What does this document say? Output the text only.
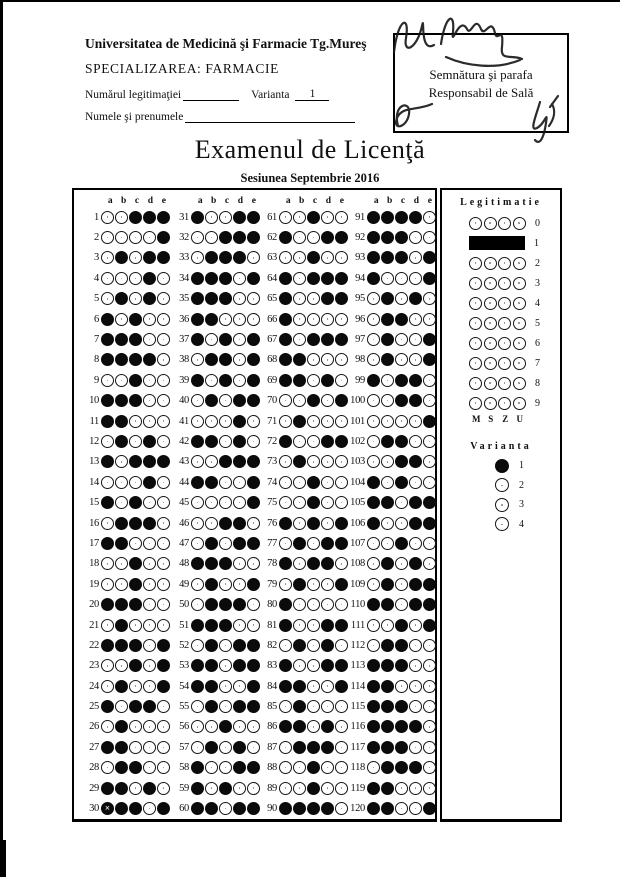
Universitatea de Medicină şi Farmacie Tg.Mureş
SPECIALIZAREA: FARMACIE
Numărul legitimaţiei	Varianta 1
Numele şi prenumele
Semnătura şi parafa
Responsabil de Sală
Examenul de Licenţă
Sesiunea Septembrie 2016
a b c d e
1
2
3
4
5
6
7
8
9
10
11
12
13
14
15
16
17
18
19
20
21
22
23
24
25
26
27
28
29
30 ×
a b c d e
31
32
33
34
35
36
37
38
39
40
41
42
43
44
45
46
47
48
49
50
51
52
53
54
55
56
57
58
59
60
a b c d e
61
62
63
64
65
66
67
68
69
70
71
72
73
74
75
76
77
78
79
80
81
82
83
84
85
86
87
88
89
90
a b c d e
91
92
93
94
95
96
97
98
99
100
101
102
103
104
105
106
107
108
109
110
111
112
113
114
115
116
117
118
119
120
Legitimatie
0
1
2
3
4
5
6
7
8
9
M S Z U
Varianta
1
2
3
4
